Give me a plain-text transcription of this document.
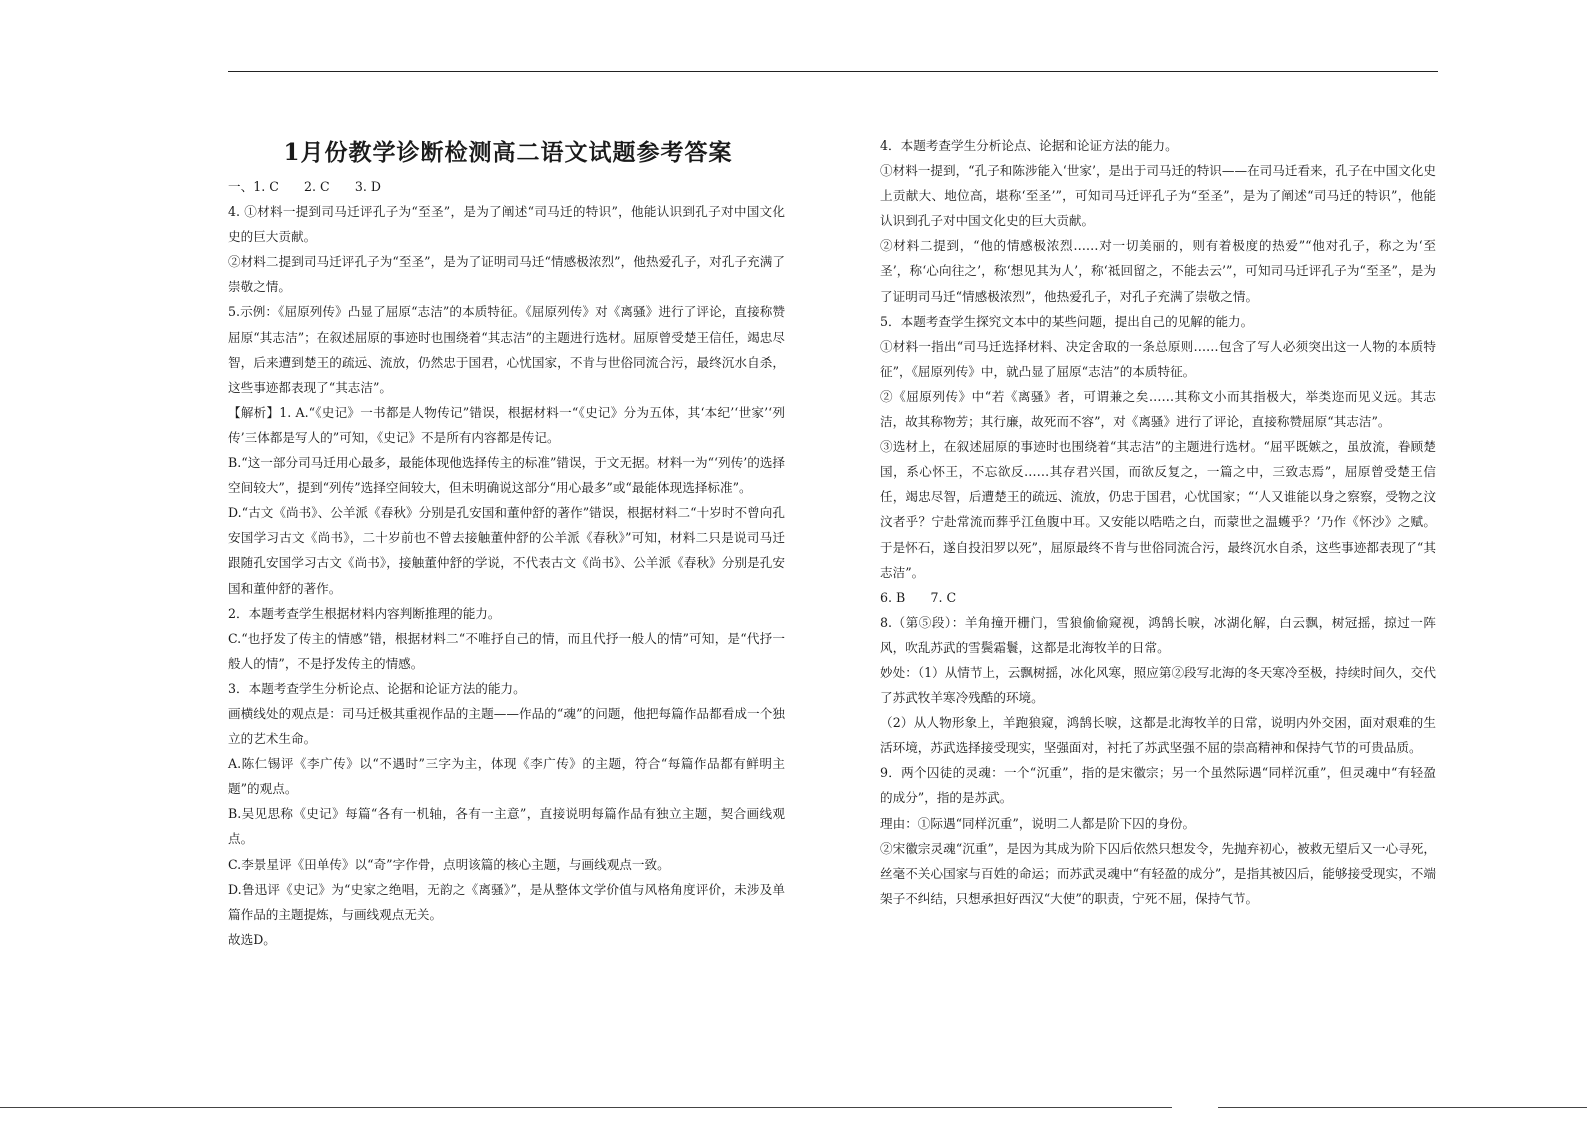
1月份教学诊断检测高二语文试题参考答案

一、1. C　　2. C　　3. D

4. ①材料一提到司马迁评孔子为“至圣”，是为了阐述“司马迁的特识”，他能认识到孔子对中国文化史的巨大贡献。

②材料二提到司马迁评孔子为“至圣”，是为了证明司马迁“情感极浓烈”，他热爱孔子，对孔子充满了崇敬之情。

5.示例：《屈原列传》凸显了屈原“志洁”的本质特征。《屈原列传》对《离骚》进行了评论，直接称赞屈原“其志洁”；在叙述屈原的事迹时也围绕着“其志洁”的主题进行选材。屈原曾受楚王信任，竭忠尽智，后来遭到楚王的疏远、流放，仍然忠于国君，心忧国家，不肯与世俗同流合污，最终沉水自杀，这些事迹都表现了“其志洁”。

【解析】1. A.“《史记》一书都是人物传记”错误，根据材料一“《史记》分为五体，其‘本纪’‘世家’‘列传’三体都是写人的”可知，《史记》不是所有内容都是传记。

B.“这一部分司马迁用心最多，最能体现他选择传主的标准”错误，于文无据。材料一为“‘列传’的选择空间较大”，提到“列传”选择空间较大，但未明确说这部分“用心最多”或“最能体现选择标准”。

D.“古文《尚书》、公羊派《春秋》分别是孔安国和董仲舒的著作”错误，根据材料二“十岁时不曾向孔安国学习古文《尚书》，二十岁前也不曾去接触董仲舒的公羊派《春秋》”可知，材料二只是说司马迁跟随孔安国学习古文《尚书》，接触董仲舒的学说，不代表古文《尚书》、公羊派《春秋》分别是孔安国和董仲舒的著作。

2．本题考查学生根据材料内容判断推理的能力。

C.“也抒发了传主的情感”错，根据材料二“不唯抒自己的情，而且代抒一般人的情”可知，是“代抒一般人的情”，不是抒发传主的情感。

3．本题考查学生分析论点、论据和论证方法的能力。

画横线处的观点是：司马迁极其重视作品的主题——作品的“魂”的问题，他把每篇作品都看成一个独立的艺术生命。

A.陈仁锡评《李广传》以“不遇时”三字为主，体现《李广传》的主题，符合“每篇作品都有鲜明主题”的观点。

B.吴见思称《史记》每篇“各有一机轴，各有一主意”，直接说明每篇作品有独立主题，契合画线观点。

C.李景星评《田单传》以“奇”字作骨，点明该篇的核心主题，与画线观点一致。

D.鲁迅评《史记》为“史家之绝唱，无韵之《离骚》”，是从整体文学价值与风格角度评价，未涉及单篇作品的主题提炼，与画线观点无关。

故选D。

4．本题考查学生分析论点、论据和论证方法的能力。

①材料一提到，“孔子和陈涉能入‘世家’，是出于司马迁的特识——在司马迁看来，孔子在中国文化史上贡献大、地位高，堪称‘至圣’”，可知司马迁评孔子为“至圣”，是为了阐述“司马迁的特识”，他能认识到孔子对中国文化史的巨大贡献。

②材料二提到，“他的情感极浓烈……对一切美丽的，则有着极度的热爱”“他对孔子，称之为‘至圣’，称‘心向往之’，称‘想见其为人’，称‘祗回留之，不能去云’”，可知司马迁评孔子为“至圣”，是为了证明司马迁“情感极浓烈”，他热爱孔子，对孔子充满了崇敬之情。

5．本题考查学生探究文本中的某些问题，提出自己的见解的能力。

①材料一指出“司马迁选择材料、决定舍取的一条总原则……包含了写人必须突出这一人物的本质特征”，《屈原列传》中，就凸显了屈原“志洁”的本质特征。

②《屈原列传》中“若《离骚》者，可谓兼之矣……其称文小而其指极大，举类迩而见义远。其志洁，故其称物芳；其行廉，故死而不容”，对《离骚》进行了评论，直接称赞屈原“其志洁”。

③选材上，在叙述屈原的事迹时也围绕着“其志洁”的主题进行选材。“屈平既嫉之，虽放流，眷顾楚国，系心怀王，不忘欲反……其存君兴国，而欲反复之，一篇之中，三致志焉”，屈原曾受楚王信任，竭忠尽智，后遭楚王的疏远、流放，仍忠于国君，心忧国家；“‘人又谁能以身之察察，受物之汶汶者乎？宁赴常流而葬乎江鱼腹中耳。又安能以晧晧之白，而蒙世之温蠖乎？’乃作《怀沙》之赋。于是怀石，遂自投汨罗以死”，屈原最终不肯与世俗同流合污，最终沉水自杀，这些事迹都表现了“其志洁”。

6. B　　7. C

8.（第⑤段）：羊角撞开栅门，雪狼偷偷窥视，鸿鹄长唳，冰湖化解，白云飘，树冠摇，掠过一阵风，吹乱苏武的雪鬓霜鬟，这都是北海牧羊的日常。

妙处：（1）从情节上，云飘树摇，冰化风寒，照应第②段写北海的冬天寒冷至极，持续时间久，交代了苏武牧羊寒冷残酷的环境。

（2）从人物形象上，羊跑狼窥，鸿鹄长唳，这都是北海牧羊的日常，说明内外交困，面对艰难的生活环境，苏武选择接受现实，坚强面对，衬托了苏武坚强不屈的崇高精神和保持气节的可贵品质。

9．两个囚徒的灵魂：一个“沉重”，指的是宋徽宗；另一个虽然际遇“同样沉重”，但灵魂中“有轻盈的成分”，指的是苏武。

理由：①际遇“同样沉重”，说明二人都是阶下囚的身份。

②宋徽宗灵魂“沉重”，是因为其成为阶下囚后依然只想发令，先抛弃初心，被救无望后又一心寻死，丝毫不关心国家与百姓的命运；而苏武灵魂中“有轻盈的成分”，是指其被囚后，能够接受现实，不端架子不纠结，只想承担好西汉“大使”的职责，宁死不屈，保持气节。
